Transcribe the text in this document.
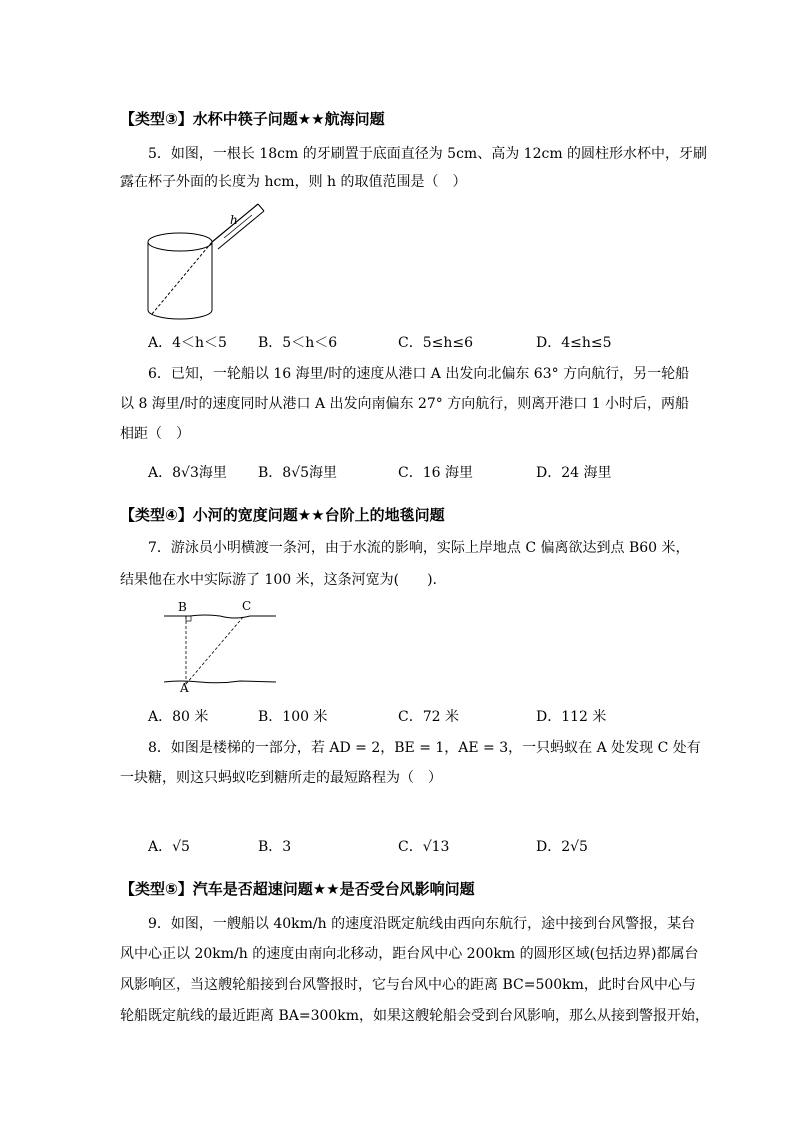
【类型③】水杯中筷子问题★★航海问题
5．如图，一根长 18cm 的牙刷置于底面直径为 5cm、高为 12cm 的圆柱形水杯中，牙刷
露在杯子外面的长度为 hcm，则 h 的取值范围是（　）
h
A．4＜h＜5 B．5＜h＜6	C．5≤h≤6	D．4≤h≤5
6．已知，一轮船以 16 海里/时的速度从港口 A 出发向北偏东 63° 方向航行，另一轮船
以 8 海里/时的速度同时从港口 A 出发向南偏东 27° 方向航行，则离开港口 1 小时后，两船
相距（　）
A．8√3海里 B．8√5海里	C．16 海里	D．24 海里
【类型④】小河的宽度问题★★台阶上的地毯问题
7．游泳员小明横渡一条河，由于水流的影响，实际上岸地点 C 偏离欲达到点 B60 米，
结果他在水中实际游了 100 米，这条河宽为(　　).
B	C
A
A．80 米	B．100 米	C．72 米	D．112 米
8．如图是楼梯的一部分，若 AD = 2，BE = 1，AE = 3，一只蚂蚁在 A 处发现 C 处有
一块糖，则这只蚂蚁吃到糖所走的最短路程为（　）
A．√5	B．3	C．√13	D．2√5
【类型⑤】汽车是否超速问题★★是否受台风影响问题
9．如图，一艘船以 40km/h 的速度沿既定航线由西向东航行，途中接到台风警报，某台
风中心正以 20km/h 的速度由南向北移动，距台风中心 200km 的圆形区域(包括边界)都属台
风影响区，当这艘轮船接到台风警报时，它与台风中心的距离 BC=500km，此时台风中心与
轮船既定航线的最近距离 BA=300km，如果这艘轮船会受到台风影响，那么从接到警报开始，
